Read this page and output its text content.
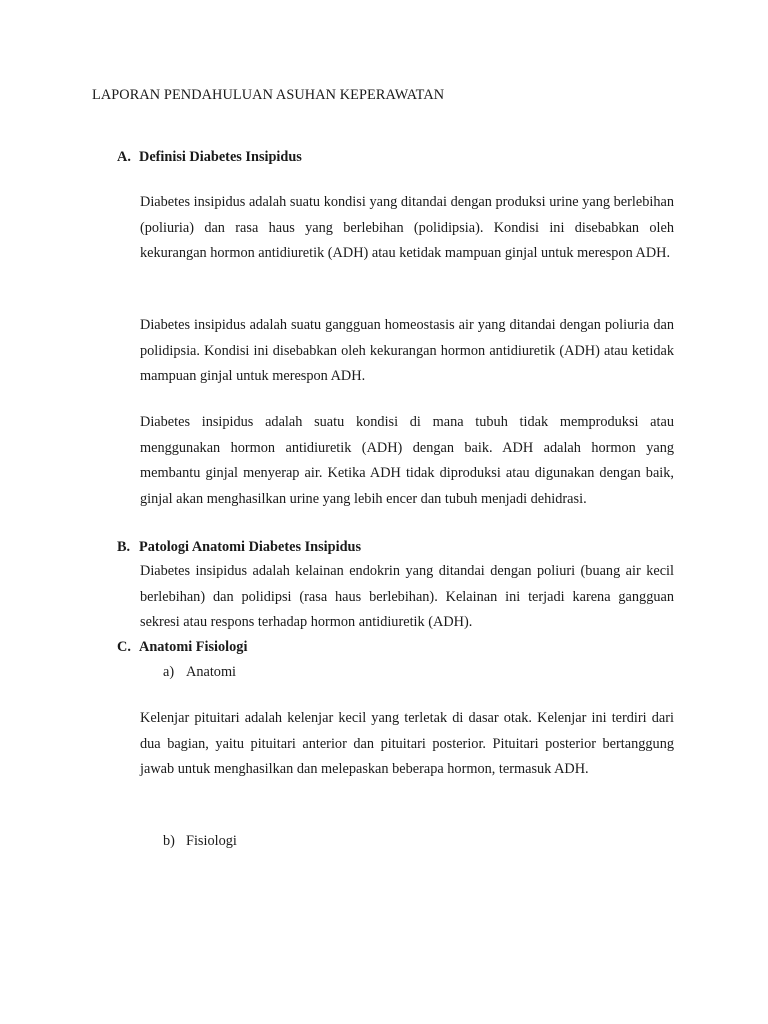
LAPORAN PENDAHULUAN ASUHAN KEPERAWATAN
A. Definisi Diabetes Insipidus
Diabetes insipidus adalah suatu kondisi yang ditandai dengan produksi urine yang berlebihan (poliuria) dan rasa haus yang berlebihan (polidipsia). Kondisi ini disebabkan oleh kekurangan hormon antidiuretik (ADH) atau ketidak mampuan ginjal untuk merespon ADH.
Diabetes insipidus adalah suatu gangguan homeostasis air yang ditandai dengan poliuria dan polidipsia. Kondisi ini disebabkan oleh kekurangan hormon antidiuretik (ADH) atau ketidak mampuan ginjal untuk merespon ADH.
Diabetes insipidus adalah suatu kondisi di mana tubuh tidak memproduksi atau menggunakan hormon antidiuretik (ADH) dengan baik. ADH adalah hormon yang membantu ginjal menyerap air. Ketika ADH tidak diproduksi atau digunakan dengan baik, ginjal akan menghasilkan urine yang lebih encer dan tubuh menjadi dehidrasi.
B. Patologi Anatomi Diabetes Insipidus
Diabetes insipidus adalah kelainan endokrin yang ditandai dengan poliuri (buang air kecil berlebihan) dan polidipsi (rasa haus berlebihan). Kelainan ini terjadi karena gangguan sekresi atau respons terhadap hormon antidiuretik (ADH).
C. Anatomi Fisiologi
a) Anatomi
Kelenjar pituitari adalah kelenjar kecil yang terletak di dasar otak. Kelenjar ini terdiri dari dua bagian, yaitu pituitari anterior dan pituitari posterior. Pituitari posterior bertanggung jawab untuk menghasilkan dan melepaskan beberapa hormon, termasuk ADH.
b) Fisiologi
